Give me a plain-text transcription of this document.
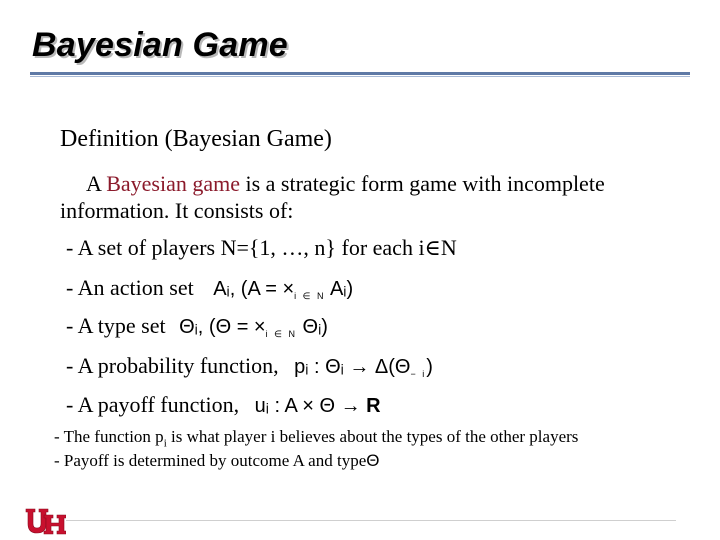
Bayesian Game
Definition (Bayesian Game)
A Bayesian game is a strategic form game with incomplete
information. It consists of:
- A set of players N={1, …, n} for each i∈N
- An action set Aᵢ, ($A = \times_{i \in N}$ Aᵢ)
- A type set Θᵢ, ($\Theta = \times_{i \in N}$ Θᵢ)
- A probability function, pᵢ : Θᵢ → $\Delta(\Theta_{- i})$
- A payoff function, uᵢ : A × Θ → R
- The function $p_i$ is what player i believes about the types of the other players
- Payoff is determined by outcome A and typeΘ
